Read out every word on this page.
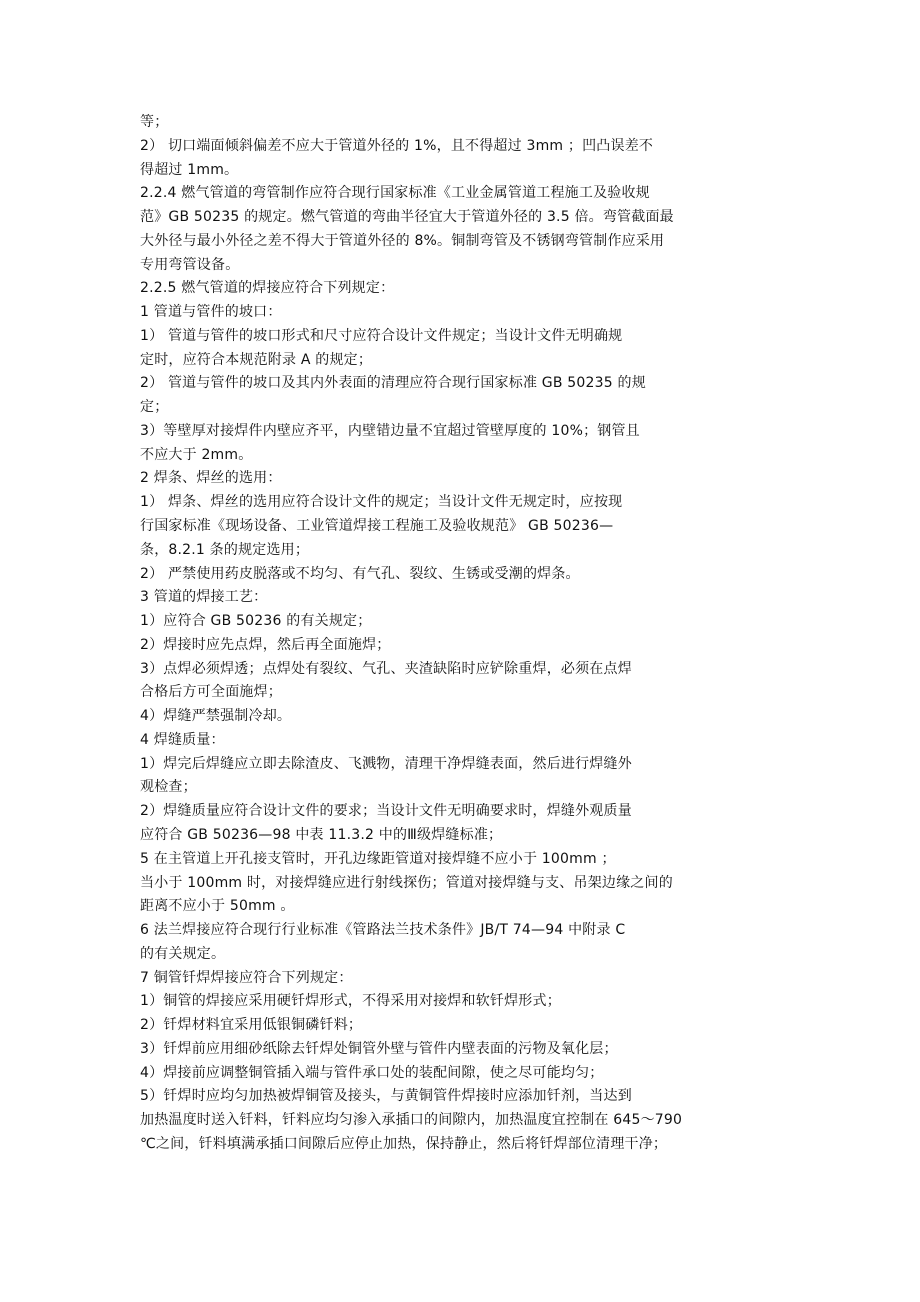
等；
2） 切口端面倾斜偏差不应大于管道外径的 1%，且不得超过 3mm ；凹凸误差不
得超过 1mm。
2.2.4 燃气管道的弯管制作应符合现行国家标准《工业金属管道工程施工及验收规
范》GB 50235 的规定。燃气管道的弯曲半径宜大于管道外径的 3.5 倍。弯管截面最
大外径与最小外径之差不得大于管道外径的 8%。铜制弯管及不锈钢弯管制作应采用
专用弯管设备。
2.2.5 燃气管道的焊接应符合下列规定：
1 管道与管件的坡口：
1） 管道与管件的坡口形式和尺寸应符合设计文件规定；当设计文件无明确规
定时，应符合本规范附录 A 的规定；
2） 管道与管件的坡口及其内外表面的清理应符合现行国家标准 GB 50235 的规
定；
3）等壁厚对接焊件内壁应齐平，内壁错边量不宜超过管壁厚度的 10%；钢管且
不应大于 2mm。
2 焊条、焊丝的选用：
1） 焊条、焊丝的选用应符合设计文件的规定；当设计文件无规定时，应按现
行国家标准《现场设备、工业管道焊接工程施工及验收规范》 GB 50236—
条，8.2.1 条的规定选用；
2） 严禁使用药皮脱落或不均匀、有气孔、裂纹、生锈或受潮的焊条。
3 管道的焊接工艺：
1）应符合 GB 50236 的有关规定；
2）焊接时应先点焊，然后再全面施焊；
3）点焊必须焊透；点焊处有裂纹、气孔、夹渣缺陷时应铲除重焊，必须在点焊
合格后方可全面施焊；
4）焊缝严禁强制冷却。
4 焊缝质量：
1）焊完后焊缝应立即去除渣皮、飞溅物，清理干净焊缝表面，然后进行焊缝外
观检查；
2）焊缝质量应符合设计文件的要求；当设计文件无明确要求时，焊缝外观质量
应符合 GB 50236—98 中表 11.3.2 中的Ⅲ级焊缝标准；
5 在主管道上开孔接支管时，开孔边缘距管道对接焊缝不应小于 100mm ；
当小于 100mm 时，对接焊缝应进行射线探伤；管道对接焊缝与支、吊架边缘之间的
距离不应小于 50mm 。
6 法兰焊接应符合现行行业标准《管路法兰技术条件》JB/T 74—94 中附录 C
的有关规定。
7 铜管钎焊焊接应符合下列规定：
1）铜管的焊接应采用硬钎焊形式，不得采用对接焊和软钎焊形式；
2）钎焊材料宜采用低银铜磷钎料；
3）钎焊前应用细砂纸除去钎焊处铜管外壁与管件内壁表面的污物及氧化层；
4）焊接前应调整铜管插入端与管件承口处的装配间隙，使之尽可能均匀；
5）钎焊时应均匀加热被焊铜管及接头，与黄铜管件焊接时应添加钎剂，当达到
加热温度时送入钎料，钎料应均匀渗入承插口的间隙内，加热温度宜控制在 645～790
℃之间，钎料填满承插口间隙后应停止加热，保持静止，然后将钎焊部位清理干净；
